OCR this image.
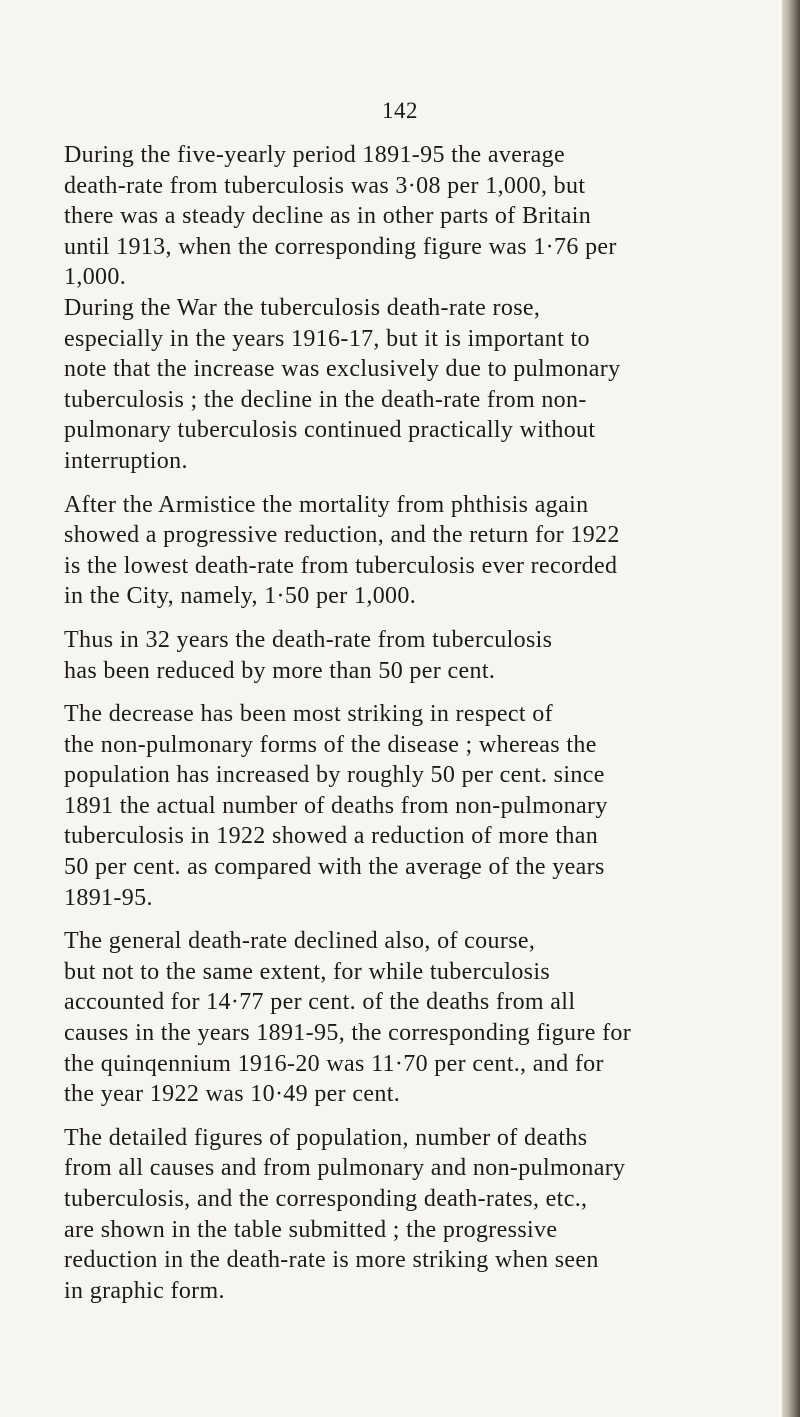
142

During the five-yearly period 1891-95 the average
death-rate from tuberculosis was 3·08 per 1,000, but
there was a steady decline as in other parts of Britain
until 1913, when the corresponding figure was 1·76 per
1,000.

During the War the tuberculosis death-rate rose,
especially in the years 1916-17, but it is important to
note that the increase was exclusively due to pulmonary
tuberculosis ; the decline in the death-rate from non-
pulmonary tuberculosis continued practically without
interruption.

After the Armistice the mortality from phthisis again
showed a progressive reduction, and the return for 1922
is the lowest death-rate from tuberculosis ever recorded
in the City, namely, 1·50 per 1,000.

Thus in 32 years the death-rate from tuberculosis
has been reduced by more than 50 per cent.

The decrease has been most striking in respect of
the non-pulmonary forms of the disease ; whereas the
population has increased by roughly 50 per cent. since
1891 the actual number of deaths from non-pulmonary
tuberculosis in 1922 showed a reduction of more than
50 per cent. as compared with the average of the years
1891-95.

The general death-rate declined also, of course,
but not to the same extent, for while tuberculosis
accounted for 14·77 per cent. of the deaths from all
causes in the years 1891-95, the corresponding figure for
the quinqennium 1916-20 was 11·70 per cent., and for
the year 1922 was 10·49 per cent.

The detailed figures of population, number of deaths
from all causes and from pulmonary and non-pulmonary
tuberculosis, and the corresponding death-rates, etc.,
are shown in the table submitted ; the progressive
reduction in the death-rate is more striking when seen
in graphic form.
